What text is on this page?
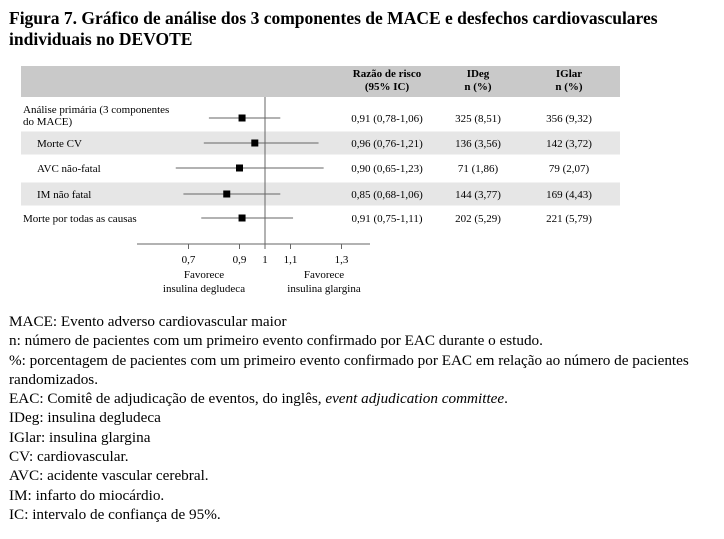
Figura 7. Gráfico de análise dos 3 componentes de MACE e desfechos cardiovasculares individuais no DEVOTE
Razão de risco
(95% IC)
IDeg
n (%)
IGlar
n (%)
Análise primária (3 componentes
do MACE)	0,91 (0,78-1,06)	325 (8,51)	356 (9,32)
Morte CV	0,96 (0,76-1,21)	136 (3,56)	142 (3,72)
AVC não-fatal	0,90 (0,65-1,23)	71 (1,86)	79 (2,07)
IM não fatal	0,85 (0,68-1,06)	144 (3,77)	169 (4,43)
Morte por todas as causas	0,91 (0,75-1,11)	202 (5,29)	221 (5,79)
0,7	0,9 1 1,1	1,3
Favorece
insulina degludeca
Favorece
insulina glargina
MACE: Evento adverso cardiovascular maior
n: número de pacientes com um primeiro evento confirmado por EAC durante o estudo.
%: porcentagem de pacientes com um primeiro evento confirmado por EAC em relação ao número de pacientes randomizados.
EAC: Comitê de adjudicação de eventos, do inglês, event adjudication committee.
IDeg: insulina degludeca
IGlar: insulina glargina
CV: cardiovascular.
AVC: acidente vascular cerebral.
IM: infarto do miocárdio.
IC: intervalo de confiança de 95%.
